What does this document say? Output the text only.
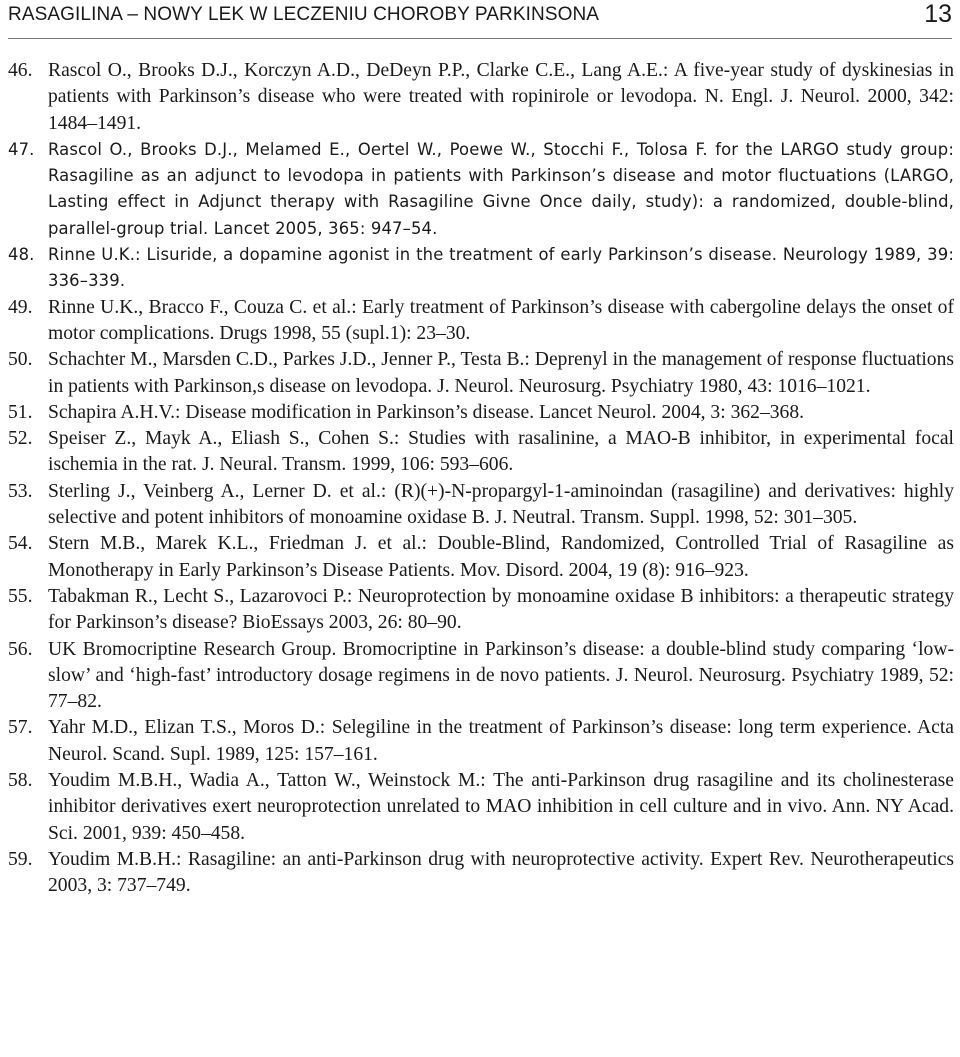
RASAGILINA – NOWY LEK W LECZENIU CHOROBY PARKINSONA	13
46. Rascol O., Brooks D.J., Korczyn A.D., DeDeyn P.P., Clarke C.E., Lang A.E.: A five-year study of dyskinesias in patients with Parkinson’s disease who were treated with ropinirole or levodopa. N. Engl. J. Neurol. 2000, 342: 1484–1491.
47. Rascol O., Brooks D.J., Melamed E., Oertel W., Poewe W., Stocchi F., Tolosa F. for the LARGO study group: Rasagiline as an adjunct to levodopa in patients with Parkinson’s disease and motor fluctuations (LARGO, Lasting effect in Adjunct therapy with Rasagiline Givne Once daily, study): a randomized, double-blind, parallel-group trial. Lancet 2005, 365: 947–54.
48. Rinne U.K.: Lisuride, a dopamine agonist in the treatment of early Parkinson’s disease. Neurology 1989, 39: 336–339.
49. Rinne U.K., Bracco F., Couza C. et al.: Early treatment of Parkinson’s disease with cabergoline delays the onset of motor complications. Drugs 1998, 55 (supl.1): 23–30.
50. Schachter M., Marsden C.D., Parkes J.D., Jenner P., Testa B.: Deprenyl in the management of response fluctuations in patients with Parkinson,s disease on levodopa. J. Neurol. Neurosurg. Psychiatry 1980, 43: 1016–1021.
51. Schapira A.H.V.: Disease modification in Parkinson’s disease. Lancet Neurol. 2004, 3: 362–368.
52. Speiser Z., Mayk A., Eliash S., Cohen S.: Studies with rasalinine, a MAO-B inhibitor, in experimental focal ischemia in the rat. J. Neural. Transm. 1999, 106: 593–606.
53. Sterling J., Veinberg A., Lerner D. et al.: (R)(+)-N-propargyl-1-aminoindan (rasagiline) and derivatives: highly selective and potent inhibitors of monoamine oxidase B. J. Neutral. Transm. Suppl. 1998, 52: 301–305.
54. Stern M.B., Marek K.L., Friedman J. et al.: Double-Blind, Randomized, Controlled Trial of Rasagiline as Monotherapy in Early Parkinson’s Disease Patients. Mov. Disord. 2004, 19 (8): 916–923.
55. Tabakman R., Lecht S., Lazarovoci P.: Neuroprotection by monoamine oxidase B inhibitors: a therapeutic strategy for Parkinson’s disease? BioEssays 2003, 26: 80–90.
56. UK Bromocriptine Research Group. Bromocriptine in Parkinson’s disease: a double-blind study comparing ‘low-slow’ and ‘high-fast’ introductory dosage regimens in de novo patients. J. Neurol. Neurosurg. Psychiatry 1989, 52: 77–82.
57. Yahr M.D., Elizan T.S., Moros D.: Selegiline in the treatment of Parkinson’s disease: long term experience. Acta Neurol. Scand. Supl. 1989, 125: 157–161.
58. Youdim M.B.H., Wadia A., Tatton W., Weinstock M.: The anti-Parkinson drug rasagiline and its cholinesterase inhibitor derivatives exert neuroprotection unrelated to MAO inhibition in cell culture and in vivo. Ann. NY Acad. Sci. 2001, 939: 450–458.
59. Youdim M.B.H.: Rasagiline: an anti-Parkinson drug with neuroprotective activity. Expert Rev. Neurotherapeutics 2003, 3: 737–749.
